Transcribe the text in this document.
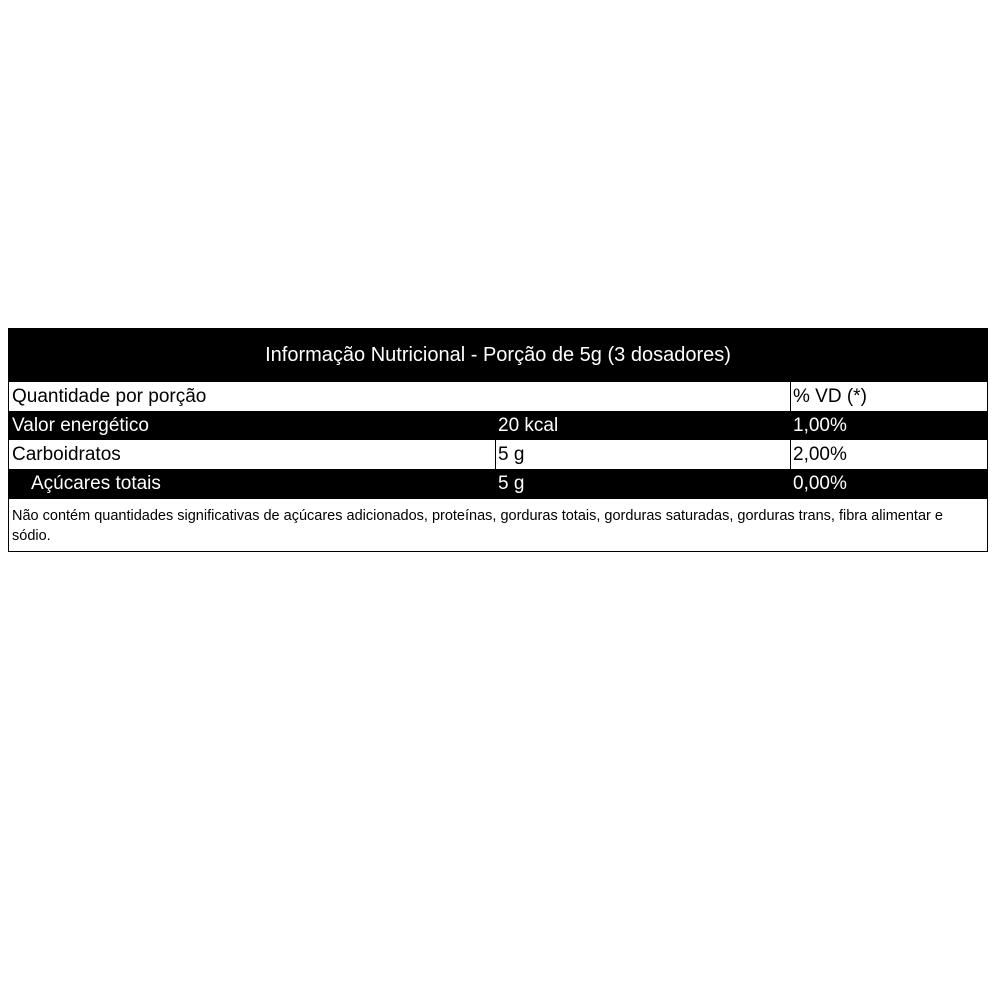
Informação Nutricional - Porção de 5g (3 dosadores)
Quantidade por porção	% VD (*)
Valor energético	20 kcal	1,00%
Carboidratos	5 g	2,00%
Açúcares totais	5 g	0,00%
Não contém quantidades significativas de açúcares adicionados, proteínas, gorduras totais, gorduras saturadas, gorduras trans, fibra alimentar e sódio.
